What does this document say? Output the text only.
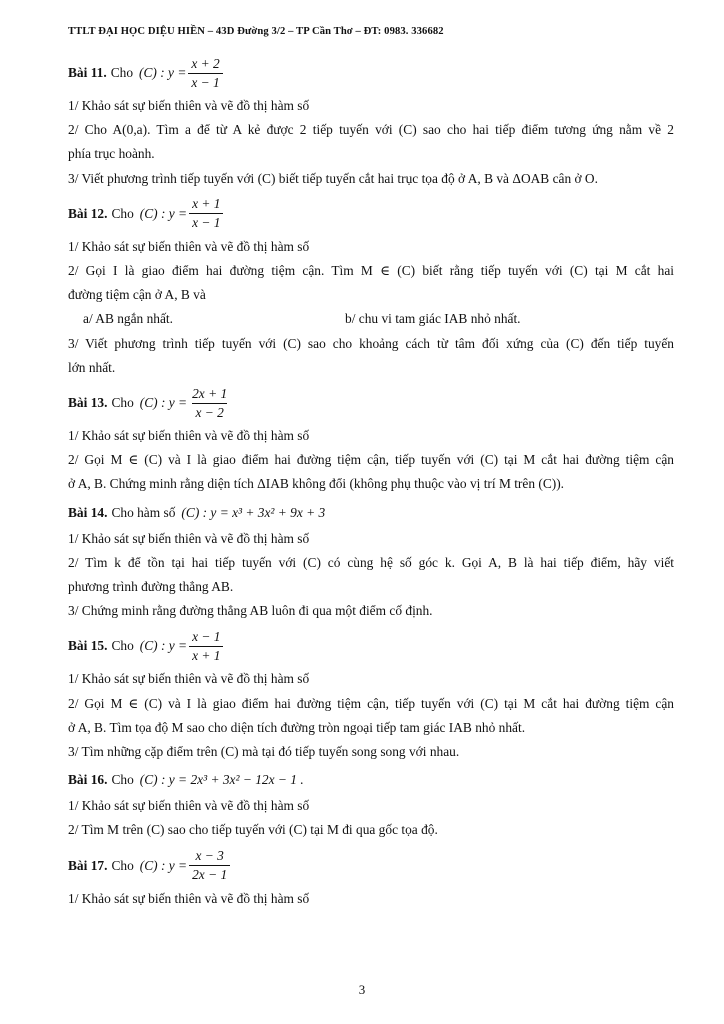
TTLT ĐẠI HỌC DIỆU HIỀN – 43D Đường 3/2 – TP Cần Thơ – ĐT: 0983. 336682
Bài 11. Cho (C) : $y = \frac{x + 2}{x - 1}$

1/ Khảo sát sự biến thiên và vẽ đồ thị hàm số

2/ Cho A(0,a). Tìm a để từ A kẻ được 2 tiếp tuyến với (C) sao cho hai tiếp điểm tương ứng nằm về 2

phía trục hoành.

3/ Viết phương trình tiếp tuyến với (C) biết tiếp tuyến cắt hai trục tọa độ ở A, B và ΔOAB cân ở O.

Bài 12. Cho (C) : $y = \frac{x + 1}{x - 1}$

1/ Khảo sát sự biến thiên và vẽ đồ thị hàm số

2/ Gọi I là giao điểm hai đường tiệm cận. Tìm M ∈ (C) biết rằng tiếp tuyến với (C) tại M cắt hai

đường tiệm cận ở A, B và

a/ AB ngắn nhất.	b/ chu vi tam giác IAB nhỏ nhất.

3/ Viết phương trình tiếp tuyến với (C) sao cho khoảng cách từ tâm đối xứng của (C) đến tiếp tuyến

lớn nhất.

Bài 13. Cho (C) : $y = \frac{2x + 1}{x - 2}$

1/ Khảo sát sự biến thiên và vẽ đồ thị hàm số

2/ Gọi M ∈ (C) và I là giao điểm hai đường tiệm cận, tiếp tuyến với (C) tại M cắt hai đường tiệm cận

ở A, B. Chứng minh rằng diện tích ΔIAB không đổi (không phụ thuộc vào vị trí M trên (C)).

Bài 14. Cho hàm số (C) : y = x³ + 3x² + 9x + 3

1/ Khảo sát sự biến thiên và vẽ đồ thị hàm số

2/ Tìm k để tồn tại hai tiếp tuyến với (C) có cùng hệ số góc k. Gọi A, B là hai tiếp điểm, hãy viết

phương trình đường thẳng AB.

3/ Chứng minh rằng đường thẳng AB luôn đi qua một điểm cố định.

Bài 15. Cho (C) : $y = \frac{x - 1}{x + 1}$

1/ Khảo sát sự biến thiên và vẽ đồ thị hàm số

2/ Gọi M ∈ (C) và I là giao điểm hai đường tiệm cận, tiếp tuyến với (C) tại M cắt hai đường tiệm cận

ở A, B. Tìm tọa độ M sao cho diện tích đường tròn ngoại tiếp tam giác IAB nhỏ nhất.

3/ Tìm những cặp điểm trên (C) mà tại đó tiếp tuyến song song với nhau.

Bài 16. Cho (C) : y = 2x³ + 3x² − 12x − 1 .

1/ Khảo sát sự biến thiên và vẽ đồ thị hàm số

2/ Tìm M trên (C) sao cho tiếp tuyến với (C) tại M đi qua gốc tọa độ.

Bài 17. Cho (C) : $y = \frac{x - 3}{2x - 1}$

1/ Khảo sát sự biến thiên và vẽ đồ thị hàm số

3
